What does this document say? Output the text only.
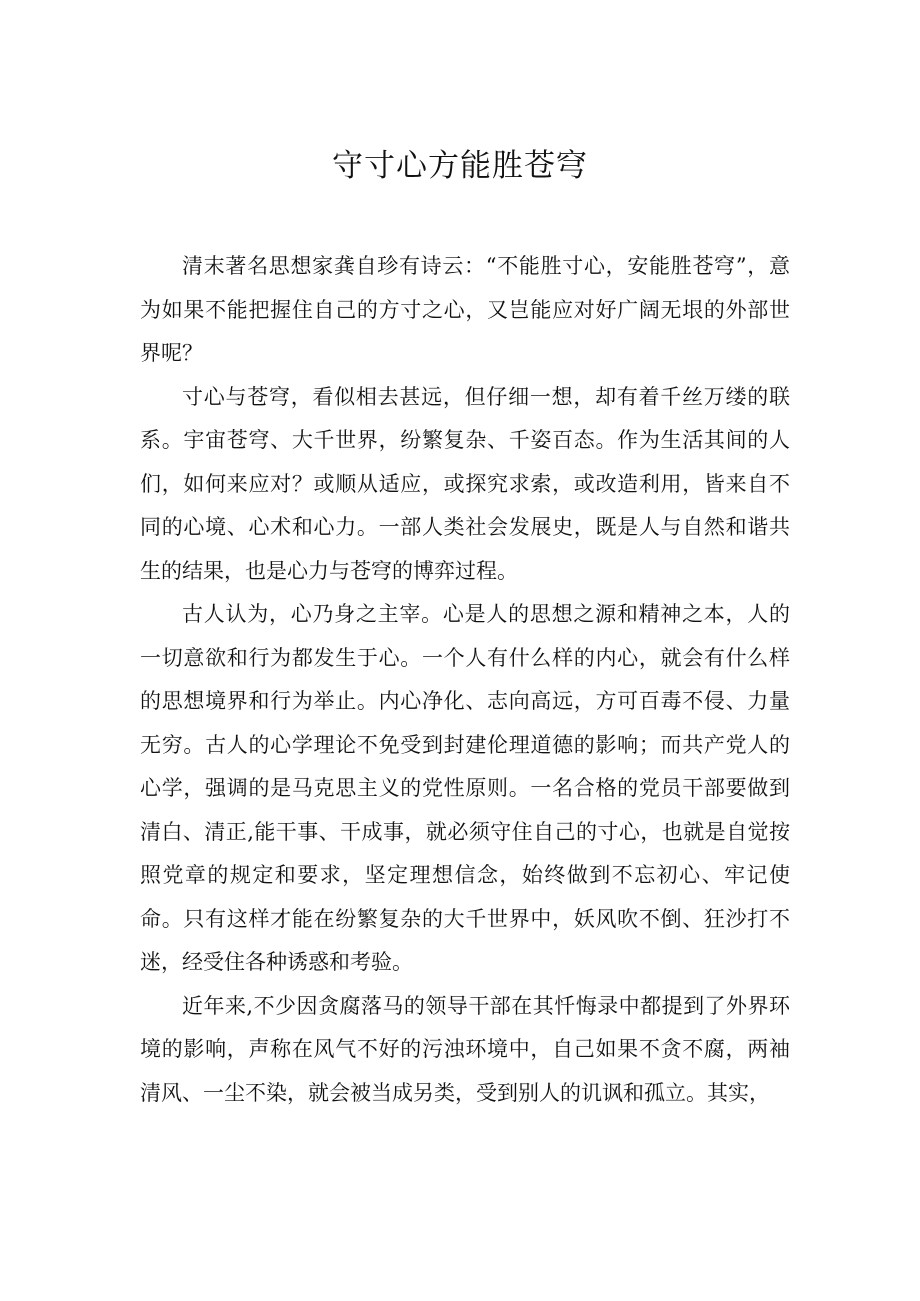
守寸心方能胜苍穹

清末著名思想家龚自珍有诗云：“不能胜寸心，安能胜苍穹”，意为如果不能把握住自己的方寸之心，又岂能应对好广阔无垠的外部世界呢？

寸心与苍穹，看似相去甚远，但仔细一想，却有着千丝万缕的联系。宇宙苍穹、大千世界，纷繁复杂、千姿百态。作为生活其间的人们，如何来应对？或顺从适应，或探究求索，或改造利用，皆来自不同的心境、心术和心力。一部人类社会发展史，既是人与自然和谐共生的结果，也是心力与苍穹的博弈过程。

古人认为，心乃身之主宰。心是人的思想之源和精神之本，人的一切意欲和行为都发生于心。一个人有什么样的内心，就会有什么样的思想境界和行为举止。内心净化、志向高远，方可百毒不侵、力量无穷。古人的心学理论不免受到封建伦理道德的影响；而共产党人的心学，强调的是马克思主义的党性原则。一名合格的党员干部要做到清白、清正,能干事、干成事，就必须守住自己的寸心，也就是自觉按照党章的规定和要求，坚定理想信念，始终做到不忘初心、牢记使命。只有这样才能在纷繁复杂的大千世界中，妖风吹不倒、狂沙打不迷，经受住各种诱惑和考验。

近年来,不少因贪腐落马的领导干部在其忏悔录中都提到了外界环境的影响，声称在风气不好的污浊环境中，自己如果不贪不腐，两袖清风、一尘不染，就会被当成另类，受到别人的讥讽和孤立。其实，
